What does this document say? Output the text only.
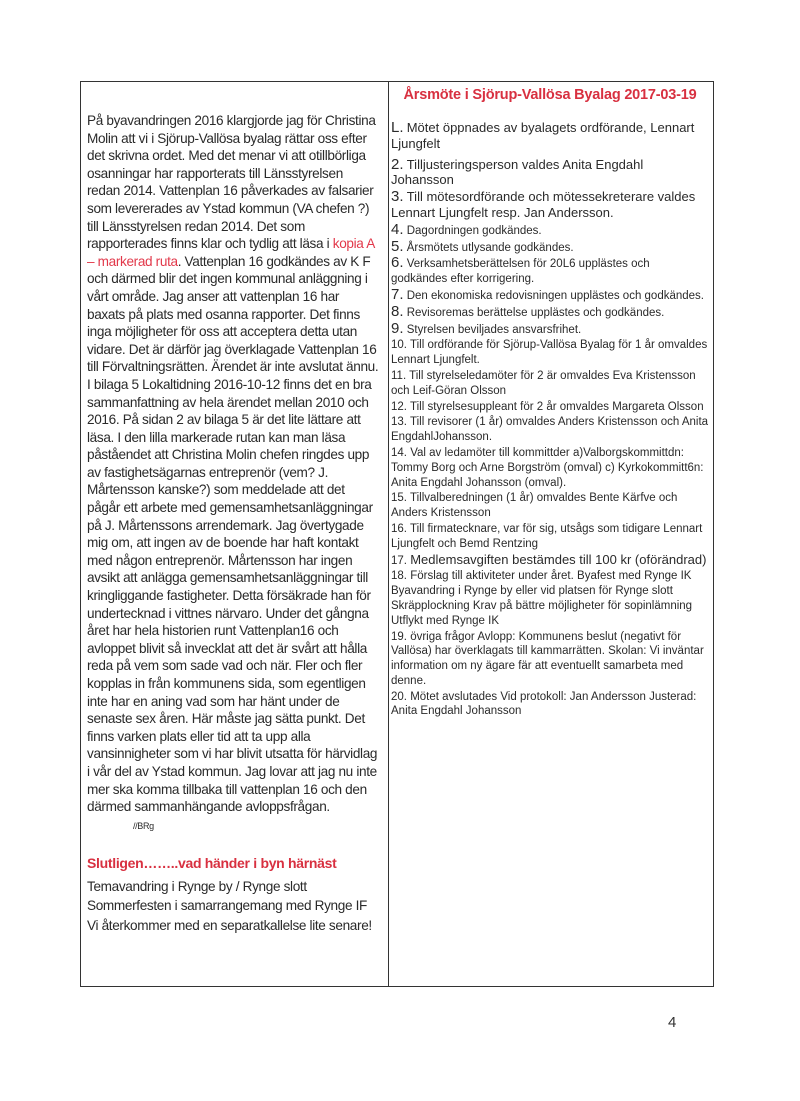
På byavandringen 2016 klargjorde jag för Christina Molin att vi i Sjörup-Vallösa byalag rättar oss efter det skrivna ordet. Med det menar vi att otillbörliga osanningar har rapporterats till Länsstyrelsen redan 2014. Vattenplan 16 påverkades av falsarier som levererades av Ystad kommun (VA chefen ?) till Länsstyrelsen redan 2014. Det som rapporterades finns klar och tydlig att läsa i kopia A – markerad ruta. Vattenplan 16 godkändes av K F och därmed blir det ingen kommunal anläggning i vårt område. Jag anser att vattenplan 16 har baxats på plats med osanna rapporter. Det finns inga möjligheter för oss att acceptera detta utan vidare. Det är därför jag överklagade Vattenplan 16 till Förvaltningsrätten. Ärendet är inte avslutat ännu. I bilaga 5 Lokaltidning 2016-10-12 finns det en bra sammanfattning av hela ärendet mellan 2010 och 2016. På sidan 2 av bilaga 5 är det lite lättare att läsa. I den lilla markerade rutan kan man läsa påståendet att Christina Molin chefen ringdes upp av fastighetsägarnas entreprenör (vem? J. Mårtensson kanske?) som meddelade att det pågår ett arbete med gemensamhetsanläggningar på J. Mårtenssons arrendemark. Jag övertygade mig om, att ingen av de boende har haft kontakt med någon entreprenör. Mårtensson har ingen avsikt att anlägga gemensamhetsanläggningar till kringliggande fastigheter. Detta försäkrade han för undertecknad i vittnes närvaro. Under det gångna året har hela historien runt Vattenplan16 och avloppet blivit så invecklat att det är svårt att hålla reda på vem som sade vad och när. Fler och fler kopplas in från kommunens sida, som egentligen inte har en aning vad som har hänt under de senaste sex åren. Här måste jag sätta punkt. Det finns varken plats eller tid att ta upp alla vansinnigheter som vi har blivit utsatta för härvidlag i vår del av Ystad kommun. Jag lovar att jag nu inte mer ska komma tillbaka till vattenplan 16 och den därmed sammanhängande avloppsfrågan. //BRg

Slutligen……..vad händer i byn härnäst
Temavandring i Rynge by / Rynge slott
Sommerfesten i samarrangemang med Rynge IF
Vi återkommer med en separatkallelse lite senare!
Årsmöte i Sjörup-Vallösa Byalag 2017-03-19
L. Mötet öppnades av byalagets ordförande, Lennart Ljungfelt
2. Tilljusteringsperson valdes Anita Engdahl Johansson
3. Till mötesordförande och mötessekreterare valdes Lennart Ljungfelt resp. Jan Andersson.
4. Dagordningen godkändes.
5. Årsmötets utlysande godkändes.
6. Verksamhetsberättelsen för 20L6 upplästes och godkändes efter korrigering.
7. Den ekonomiska redovisningen upplästes och godkändes.
8. Revisoremas berättelse upplästes och godkändes.
9. Styrelsen beviljades ansvarsfrihet.
10. Till ordförande för Sjörup-Vallösa Byalag för 1 år omvaldes Lennart Ljungfelt.
11. Till styrelseledamöter för 2 är omvaldes Eva Kristensson och Leif-Göran Olsson
12. Till styrelsesuppleant för 2 år omvaldes Margareta Olsson
13. Till revisorer (1 år) omvaldes Anders Kristensson och Anita EngdahlJohansson.
14. Val av ledamöter till kommittder a)Valborgskommittdn: Tommy Borg och Arne Borgström (omval) c) Kyrkokommitt6n: Anita Engdahl Johansson (omval).
15. Tillvalberedningen (1 år) omvaldes Bente Kärfve och Anders Kristensson
16. Till firmatecknare, var för sig, utsågs som tidigare Lennart Ljungfelt och Bemd Rentzing
17. Medlemsavgiften bestämdes till 100 kr (oförändrad)
18. Förslag till aktiviteter under året. Byafest med Rynge IK Byavandring i Rynge by eller vid platsen för Rynge slott Skräpplockning Krav på bättre möjligheter för sopinlämning Utflykt med Rynge IK
19. övriga frågor Avlopp: Kommunens beslut (negativt för Vallösa) har överklagats till kammarrätten. Skolan: Vi inväntar information om ny ägare fär att eventuellt samarbeta med denne.
20. Mötet avslutades Vid protokoll: Jan Andersson Justerad: Anita Engdahl Johansson
4
